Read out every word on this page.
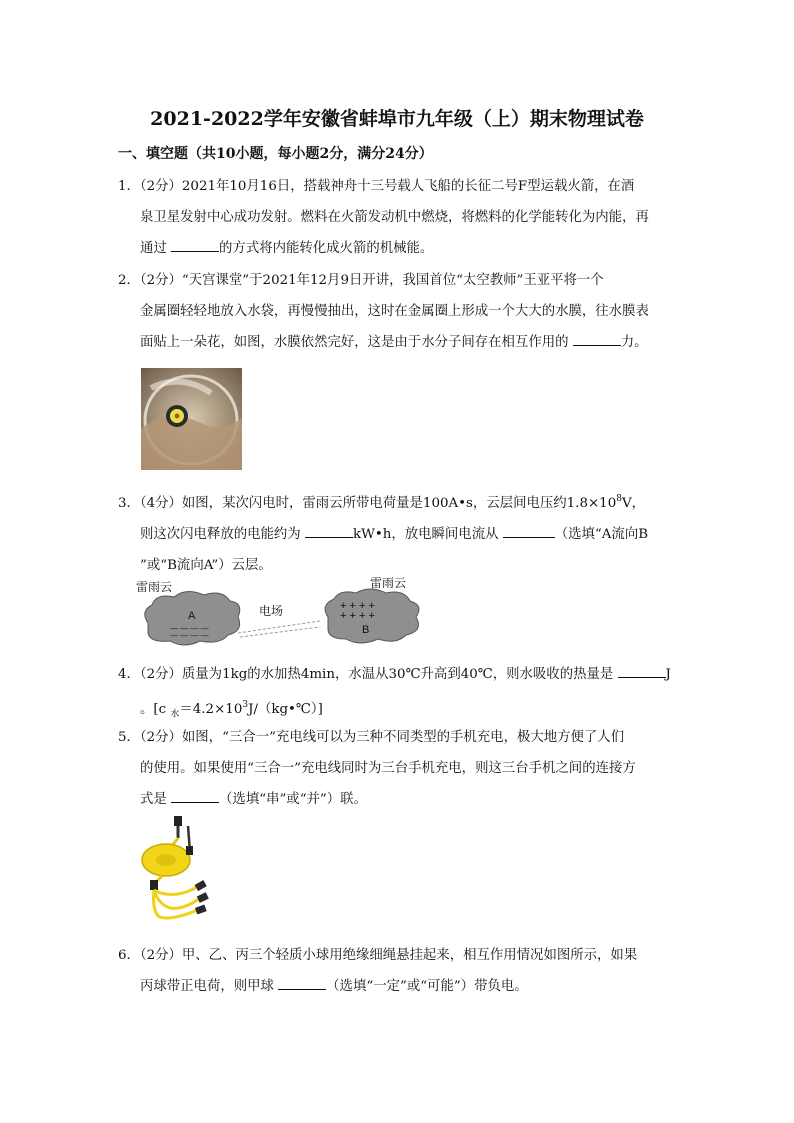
2021-2022学年安徽省蚌埠市九年级（上）期末物理试卷
一、填空题（共10小题，每小题2分，满分24分）
1．（2分）2021年10月16日，搭载神舟十三号载人飞船的长征二号F型运载火箭，在酒
泉卫星发射中心成功发射。燃料在火箭发动机中燃烧，将燃料的化学能转化为内能，再
通过	的方式将内能转化成火箭的机械能。
2．（2分）“天宫课堂”于2021年12月9日开讲，我国首位“太空教师”王亚平将一个
金属圈轻轻地放入水袋，再慢慢抽出，这时在金属圈上形成一个大大的水膜，往水膜表
面贴上一朵花，如图，水膜依然完好，这是由于水分子间存在相互作用的	力。
3．（4分）如图，某次闪电时，雷雨云所带电荷量是100A•s，云层间电压约$1.8\times 10^8V$，
则这次闪电释放的电能约为	kW•h，放电瞬间电流从	（选填“A流向B
”或“B流向A”）云层。
雷雨云
A
— — — —
— — — —
电场
雷雨云
+ + + +
+ + + +
B
4．（2分）质量为1kg的水加热4min，水温从30℃升高到40℃，则水吸收的热量是	J
。[c $_水=4.2\times 10^3J/(kg•℃)$]
5．（2分）如图，“三合一”充电线可以为三种不同类型的手机充电，极大地方便了人们
的使用。如果使用“三合一”充电线同时为三台手机充电，则这三台手机之间的连接方
式是	（选填“串”或“并”）联。
6．（2分）甲、乙、丙三个轻质小球用绝缘细绳悬挂起来，相互作用情况如图所示，如果
丙球带正电荷，则甲球	（选填“一定”或“可能”）带负电。
